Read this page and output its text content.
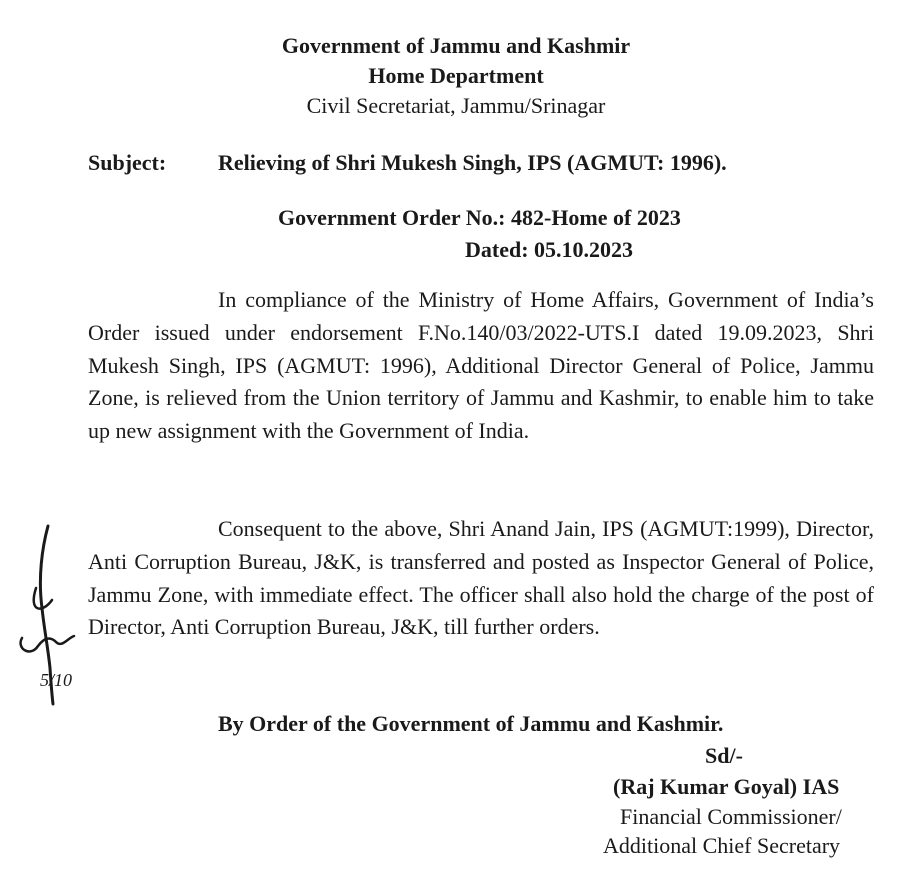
Government of Jammu and Kashmir
Home Department
Civil Secretariat, Jammu/Srinagar
Subject: Relieving of Shri Mukesh Singh, IPS (AGMUT: 1996).
Government Order No.: 482-Home of 2023
Dated: 05.10.2023
In compliance of the Ministry of Home Affairs, Government of India’s Order issued under endorsement F.No.140/03/2022-UTS.I dated 19.09.2023, Shri Mukesh Singh, IPS (AGMUT: 1996), Additional Director General of Police, Jammu Zone, is relieved from the Union territory of Jammu and Kashmir, to enable him to take up new assignment with the Government of India.
Consequent to the above, Shri Anand Jain, IPS (AGMUT:1999), Director, Anti Corruption Bureau, J&K, is transferred and posted as Inspector General of Police, Jammu Zone, with immediate effect. The officer shall also hold the charge of the post of Director, Anti Corruption Bureau, J&K, till further orders.
5/10
By Order of the Government of Jammu and Kashmir.
Sd/-
(Raj Kumar Goyal) IAS
Financial Commissioner/
Additional Chief Secretary
